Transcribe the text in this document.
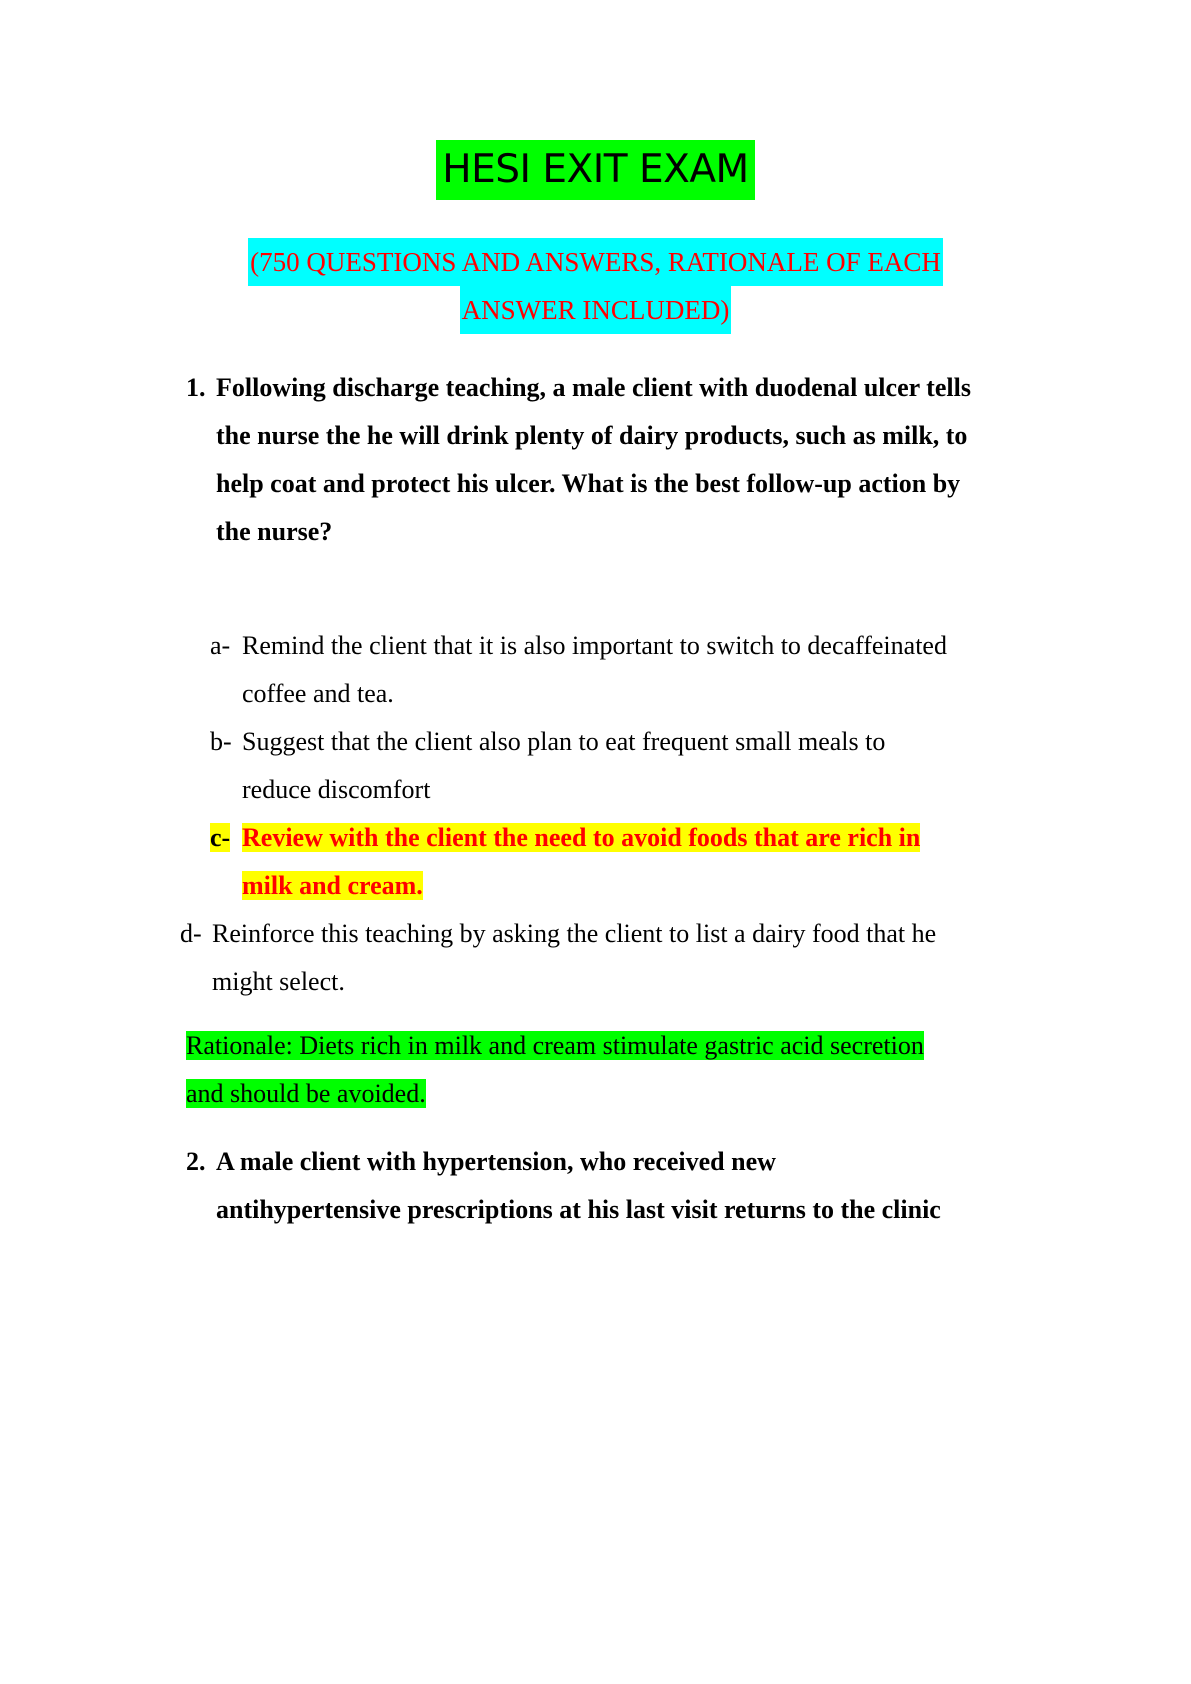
HESI EXIT EXAM
(750 QUESTIONS AND ANSWERS, RATIONALE OF EACH
ANSWER INCLUDED)
1. Following discharge teaching, a male client with duodenal ulcer tells the nurse the he will drink plenty of dairy products, such as milk, to help coat and protect his ulcer. What is the best follow-up action by the nurse?
a- Remind the client that it is also important to switch to decaffeinated
coffee and tea.
b- Suggest that the client also plan to eat frequent small meals to
reduce discomfort
c- Review with the client the need to avoid foods that are rich in
milk and cream.
d- Reinforce this teaching by asking the client to list a dairy food that he
might select.
Rationale: Diets rich in milk and cream stimulate gastric acid secretion
and should be avoided.
2. A male client with hypertension, who received new
antihypertensive prescriptions at his last visit returns to the clinic
